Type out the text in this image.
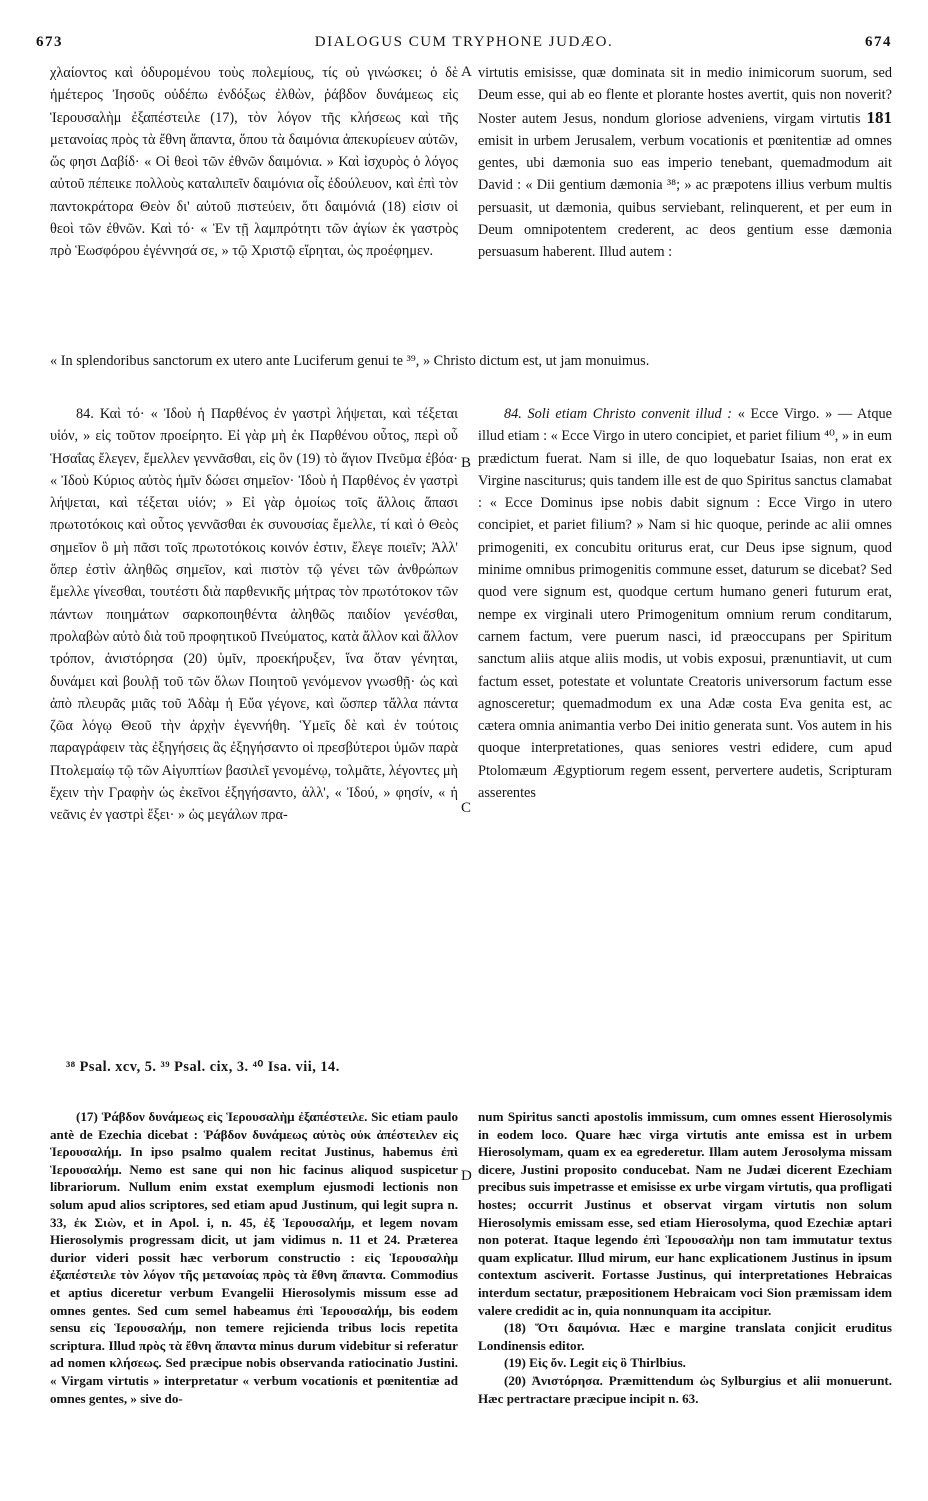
673	DIALOGUS CUM TRYPHONE JUDÆO.	674

χλαίοντος καὶ ὀδυρομένου τοὺς πολεμίους, τίς οὐ γινώσκει; ὁ δὲ ἡμέτερος Ἰησοῦς οὐδέπω ἐνδόξως ἐλθὼν, ῥάβδον δυνάμεως εἰς Ἱερουσαλὴμ ἐξαπέστειλε (17), τὸν λόγον τῆς κλήσεως καὶ τῆς μετανοίας πρὸς τὰ ἔθνη ἅπαντα, ὅπου τὰ δαιμόνια ἀπεκυρίευεν αὐτῶν, ὥς φησι Δαβίδ· « Οἱ θεοὶ τῶν ἐθνῶν δαιμόνια. » Καὶ ἰσχυρὸς ὁ λόγος αὐτοῦ πέπεικε πολλοὺς καταλιπεῖν δαιμόνια οἷς ἐδούλευον, καὶ ἐπὶ τὸν παντοκράτορα Θεὸν δι' αὐτοῦ πιστεύειν, ὅτι δαιμόνιά (18) εἰσιν οἱ θεοὶ τῶν ἐθνῶν. Καὶ τό· « Ἐν τῇ λαμπρότητι τῶν ἁγίων ἐκ γαστρὸς πρὸ Ἑωσφόρου ἐγέννησά σε, » τῷ Χριστῷ εἴρηται, ὡς προέφημεν.

virtutis emisisse, quæ dominata sit in medio inimicorum suorum, sed Deum esse, qui ab eo flente et plorante hostes avertit, quis non noverit? Noster autem Jesus, nondum gloriose adveniens, virgam virtutis 181 emisit in urbem Jerusalem, verbum vocationis et pœnitentiæ ad omnes gentes, ubi dæmonia suo eas imperio tenebant, quemadmodum ait David : « Dii gentium dæmonia ³⁸; » ac præpotens illius verbum multis persuasit, ut dæmonia, quibus serviebant, relinquerent, et per eum in Deum omnipotentem crederent, ac deos gentium esse dæmonia persuasum haberent. Illud autem :

A
« In splendoribus sanctorum ex utero ante Luciferum genui te ³⁹, » Christo dictum est, ut jam monuimus.

84. Καὶ τό· « Ἰδοὺ ἡ Παρθένος ἐν γαστρὶ λήψεται, καὶ τέξεται υἱόν, » εἰς τοῦτον προείρητο. Εἰ γὰρ μὴ ἐκ Παρθένου οὗτος, περὶ οὗ Ἡσαΐας ἔλεγεν, ἔμελλεν γεννᾶσθαι, εἰς ὃν (19) τὸ ἅγιον Πνεῦμα ἐβόα· « Ἰδοὺ Κύριος αὐτὸς ἡμῖν δώσει σημεῖον· Ἰδοὺ ἡ Παρθένος ἐν γαστρὶ λήψεται, καὶ τέξεται υἱόν; » Εἰ γὰρ ὁμοίως τοῖς ἄλλοις ἅπασι πρωτοτόκοις καὶ οὗτος γεννᾶσθαι ἐκ συνουσίας ἔμελλε, τί καὶ ὁ Θεὸς σημεῖον ὃ μὴ πᾶσι τοῖς πρωτοτόκοις κοινόν ἐστιν, ἔλεγε ποιεῖν; Ἀλλ' ὅπερ ἐστὶν ἀληθῶς σημεῖον, καὶ πιστὸν τῷ γένει τῶν ἀνθρώπων ἔμελλε γίνεσθαι, τουτέστι διὰ παρθενικῆς μήτρας τὸν πρωτότοκον τῶν πάντων ποιημάτων σαρκοποιηθέντα ἀληθῶς παιδίον γενέσθαι, προλαβὼν αὐτὸ διὰ τοῦ προφητικοῦ Πνεύματος, κατὰ ἄλλον καὶ ἄλλον τρόπον, ἀνιστόρησα (20) ὑμῖν, προεκήρυξεν, ἵνα ὅταν γένηται, δυνάμει καὶ βουλῇ τοῦ τῶν ὅλων Ποιητοῦ γενόμενον γνωσθῇ· ὡς καὶ ἀπὸ πλευρᾶς μιᾶς τοῦ Ἀδὰμ ἡ Εὔα γέγονε, καὶ ὥσπερ τἄλλα πάντα ζῶα λόγῳ Θεοῦ τὴν ἀρχὴν ἐγεννήθη. Ὑμεῖς δὲ καὶ ἐν τούτοις παραγράφειν τὰς ἐξηγήσεις ἃς ἐξηγήσαντο οἱ πρεσβύτεροι ὑμῶν παρὰ Πτολεμαίῳ τῷ τῶν Αἰγυπτίων βασιλεῖ γενομένῳ, τολμᾶτε, λέγοντες μὴ ἔχειν τὴν Γραφὴν ὡς ἐκεῖνοι ἐξηγήσαντο, ἀλλ', « Ἰδού, » φησίν, « ἡ νεᾶνις ἐν γαστρὶ ἕξει· » ὡς μεγάλων πρα-

84. Soli etiam Christo convenit illud : « Ecce Virgo. » — Atque illud etiam : « Ecce Virgo in utero concipiet, et pariet filium ⁴⁰, » in eum prædictum fuerat. Nam si ille, de quo loquebatur Isaias, non erat ex Virgine nasciturus; quis tandem ille est de quo Spiritus sanctus clamabat : « Ecce Dominus ipse nobis dabit signum : Ecce Virgo in utero concipiet, et pariet filium? » Nam si hic quoque, perinde ac alii omnes primogeniti, ex concubitu oriturus erat, cur Deus ipse signum, quod minime omnibus primogenitis commune esset, daturum se dicebat? Sed quod vere signum est, quodque certum humano generi futurum erat, nempe ex virginali utero Primogenitum omnium rerum conditarum, carnem factum, vere puerum nasci, id præoccupans per Spiritum sanctum aliis atque aliis modis, ut vobis exposui, prænuntiavit, ut cum factum esset, potestate et voluntate Creatoris universorum factum esse agnosceretur; quemadmodum ex una Adæ costa Eva genita est, ac cætera omnia animantia verbo Dei initio generata sunt. Vos autem in his quoque interpretationes, quas seniores vestri edidere, cum apud Ptolomæum Ægyptiorum regem essent, pervertere audetis, Scripturam asserentes

B
C
³⁸ Psal. xcv, 5. ³⁹ Psal. cix, 3. ⁴⁰ Isa. vii, 14.

(17) Ῥάβδον δυνάμεως εἰς Ἱερουσαλὴμ ἐξαπέστειλε. Sic etiam paulo antè de Ezechia dicebat : Ῥάβδον δυνάμεως αὐτὸς οὐκ ἀπέστειλεν εἰς Ἱερουσαλήμ. In ipso psalmo qualem recitat Justinus, habemus ἐπὶ Ἱερουσαλήμ. Nemo est sane qui non hic facinus aliquod suspicetur librariorum. Nullum enim exstat exemplum ejusmodi lectionis non solum apud alios scriptores, sed etiam apud Justinum, qui legit supra n. 33, ἐκ Σιὼν, et in Apol. i, n. 45, ἐξ Ἱερουσαλήμ, et legem novam Hierosolymis progressam dicit, ut jam vidimus n. 11 et 24. Præterea durior videri possit hæc verborum constructio : εἰς Ἱερουσαλὴμ ἐξαπέστειλε τὸν λόγον τῆς μετανοίας πρὸς τὰ ἔθνη ἅπαντα. Commodius et aptius diceretur verbum Evangelii Hierosolymis missum esse ad omnes gentes. Sed cum semel habeamus ἐπὶ Ἱερουσαλήμ, bis eodem sensu εἰς Ἱερουσαλήμ, non temere rejicienda tribus locis repetita scriptura. Illud πρὸς τὰ ἔθνη ἅπαντα minus durum videbitur si referatur ad nomen κλήσεως. Sed præcipue nobis observanda ratiocinatio Justini. « Virgam virtutis » interpretatur « verbum vocationis et pœnitentiæ ad omnes gentes, » sive do-

num Spiritus sancti apostolis immissum, cum omnes essent Hierosolymis in eodem loco. Quare hæc virga virtutis ante emissa est in urbem Hierosolymam, quam ex ea egrederetur. Illam autem Jerosolyma missam dicere, Justini proposito conducebat. Nam ne Judæi dicerent Ezechiam precibus suis impetrasse et emisisse ex urbe virgam virtutis, qua profligati hostes; occurrit Justinus et observat virgam virtutis non solum Hierosolymis emissam esse, sed etiam Hierosolyma, quod Ezechiæ aptari non poterat. Itaque legendo ἐπὶ Ἱερουσαλὴμ non tam immutatur textus quam explicatur. Illud mirum, eur hanc explicationem Justinus in ipsum contextum asciverit. Fortasse Justinus, qui interpretationes Hebraicas interdum sectatur, præpositionem Hebraicam voci Sion præmissam idem valere credidit ac in, quia nonnunquam ita accipitur.

(18) Ὅτι δαιμόνια. Hæc e margine translata conjicit eruditus Londinensis editor.

(19) Εἰς ὄν. Legit εἰς ὃ Thirlbius.

(20) Ἀνιστόρησα. Præmittendum ὡς Sylburgius et alii monuerunt. Hæc pertractare præcipue incipit n. 63.

D
